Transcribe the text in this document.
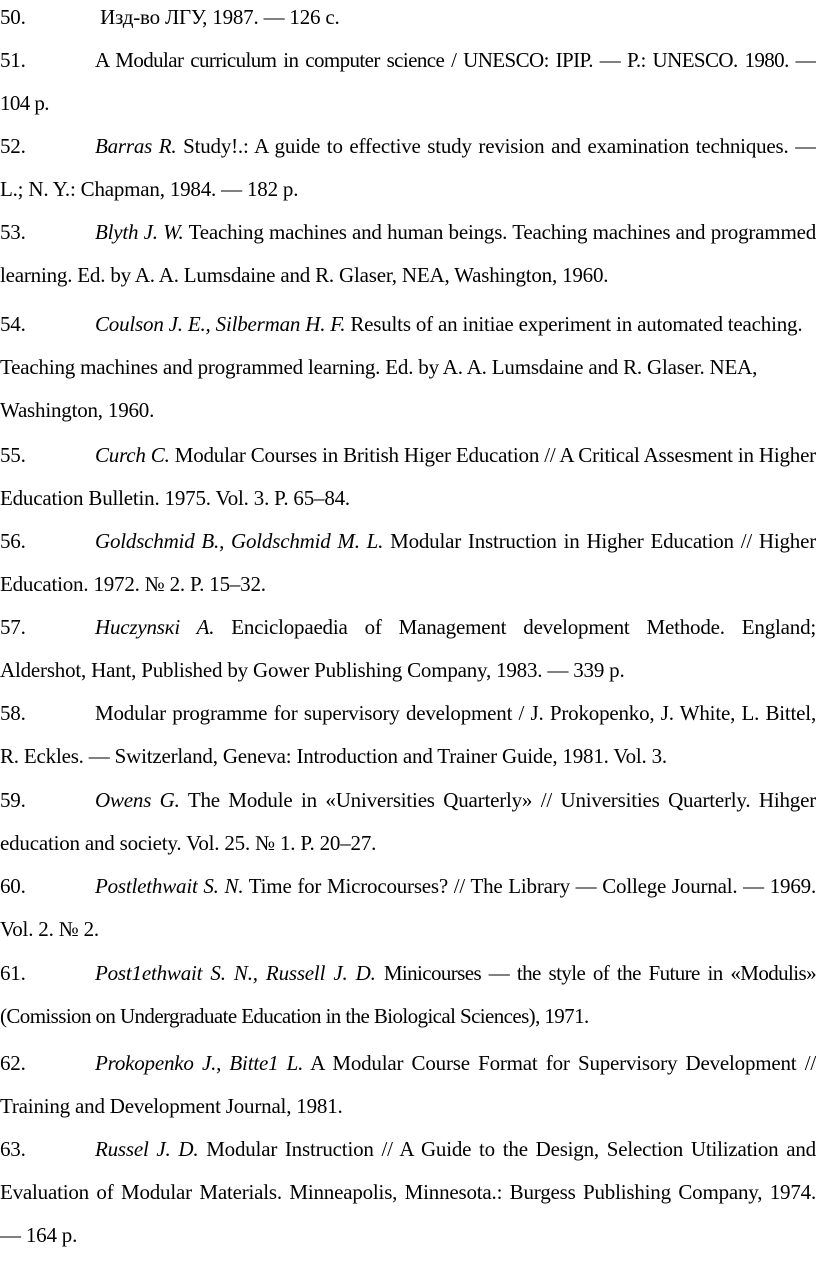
50.	Изд-во ЛГУ, 1987. — 126 с.
51.	A Modular curriculum in computer science / UNESCO: IPIP. — P.: UNESCO. 1980. — 104 p.
52.	Barras R. Study!.: A guide to effective study revision and examination techniques. — L.; N. Y.: Chapman, 1984. — 182 p.
53.	Blyth J. W. Teaching machines and human beings. Teaching machines and programmed learning. Ed. by A. A. Lumsdaine and R. Glaser, NEA, Washington, 1960.
54.	Coulson J. E., Silberman H. F. Results of an initiae experiment in automated teaching. Teaching machines and programmed learning. Ed. by A. A. Lumsdaine and R. Glaser. NEA, Washington, 1960.
55.	Curch C. Modular Courses in British Higer Education // A Critical Assesment in Higher Education Bulletin. 1975. Vol. 3. P. 65–84.
56.	Goldschmid B., Goldschmid M. L. Modular Instruction in Higher Education // Higher Education. 1972. № 2. P. 15–32.
57.	Huczynsкi A. Enciclopaedia of Management development Methode. England; Aldershot, Hant, Published by Gower Publishing Company, 1983. — 339 p.
58.	Modular programme for supervisory development / J. Prokopenko, J. White, L. Bittel, R. Eckles. — Switzerland, Geneva: Introduction and Trainer Guide, 1981. Vol. 3.
59.	Owens G. The Module in «Universities Quarterly» // Universities Quarterly. Hihger education and society. Vol. 25. № 1. P. 20–27.
60.	Postlethwait S. N. Time for Microcourses? // The Library — College Journal. — 1969. Vol. 2. № 2.
61.	Post1ethwait S. N., Russell J. D. Minicourses — the style of the Future in «Modulis» (Comission on Undergraduate Education in the Biological Sciences), 1971.
62.	Prokopenko J., Bitte1 L. A Modular Course Format for Supervisory Development // Training and Development Journal, 1981.
63.	Russel J. D. Modular Instruction // A Guide to the Design, Selection Utilization and Evaluation of Modular Materials. Minneapolis, Minnesota.: Burgess Publishing Company, 1974. — 164 p.
